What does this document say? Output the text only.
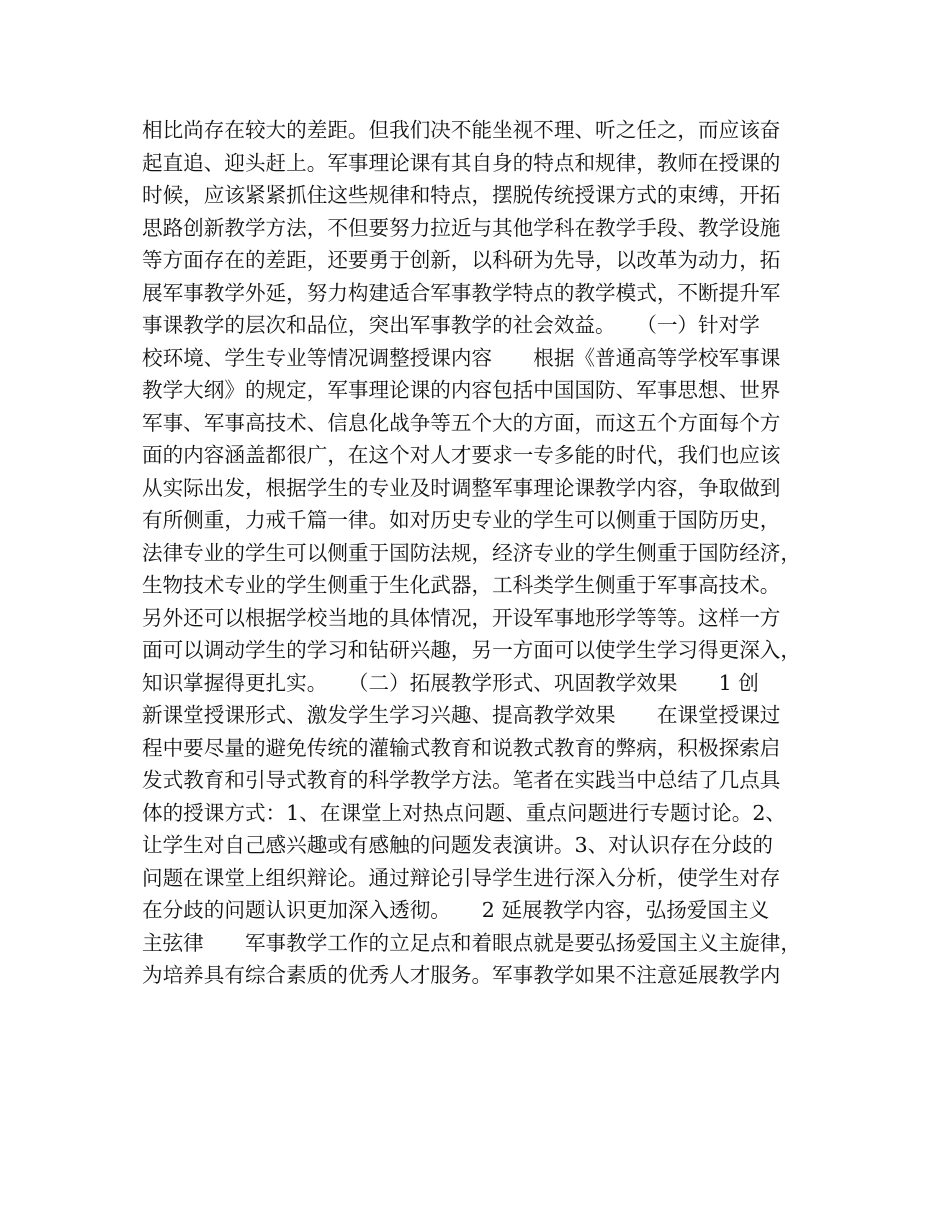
相比尚存在较大的差距。但我们决不能坐视不理、听之任之，而应该奋
起直追、迎头赶上。军事理论课有其自身的特点和规律，教师在授课的
时候，应该紧紧抓住这些规律和特点，摆脱传统授课方式的束缚，开拓
思路创新教学方法，不但要努力拉近与其他学科在教学手段、教学设施
等方面存在的差距，还要勇于创新，以科研为先导，以改革为动力，拓
展军事教学外延，努力构建适合军事教学特点的教学模式，不断提升军
事课教学的层次和品位，突出军事教学的社会效益。　　（一）针对学
校环境、学生专业等情况调整授课内容　　根据《普通高等学校军事课
教学大纲》的规定，军事理论课的内容包括中国国防、军事思想、世界
军事、军事高技术、信息化战争等五个大的方面，而这五个方面每个方
面的内容涵盖都很广，在这个对人才要求一专多能的时代，我们也应该
从实际出发，根据学生的专业及时调整军事理论课教学内容，争取做到
有所侧重，力戒千篇一律。如对历史专业的学生可以侧重于国防历史，
法律专业的学生可以侧重于国防法规，经济专业的学生侧重于国防经济，
生物技术专业的学生侧重于生化武器，工科类学生侧重于军事高技术。
另外还可以根据学校当地的具体情况，开设军事地形学等等。这样一方
面可以调动学生的学习和钻研兴趣，另一方面可以使学生学习得更深入，
知识掌握得更扎实。　　（二）拓展教学形式、巩固教学效果　　1 创
新课堂授课形式、激发学生学习兴趣、提高教学效果　　在课堂授课过
程中要尽量的避免传统的灌输式教育和说教式教育的弊病，积极探索启
发式教育和引导式教育的科学教学方法。笔者在实践当中总结了几点具
体的授课方式：1、在课堂上对热点问题、重点问题进行专题讨论。2、
让学生对自己感兴趣或有感触的问题发表演讲。3、对认识存在分歧的
问题在课堂上组织辩论。通过辩论引导学生进行深入分析，使学生对存
在分歧的问题认识更加深入透彻。　　2 延展教学内容，弘扬爱国主义
主弦律　　军事教学工作的立足点和着眼点就是要弘扬爱国主义主旋律，
为培养具有综合素质的优秀人才服务。军事教学如果不注意延展教学内
